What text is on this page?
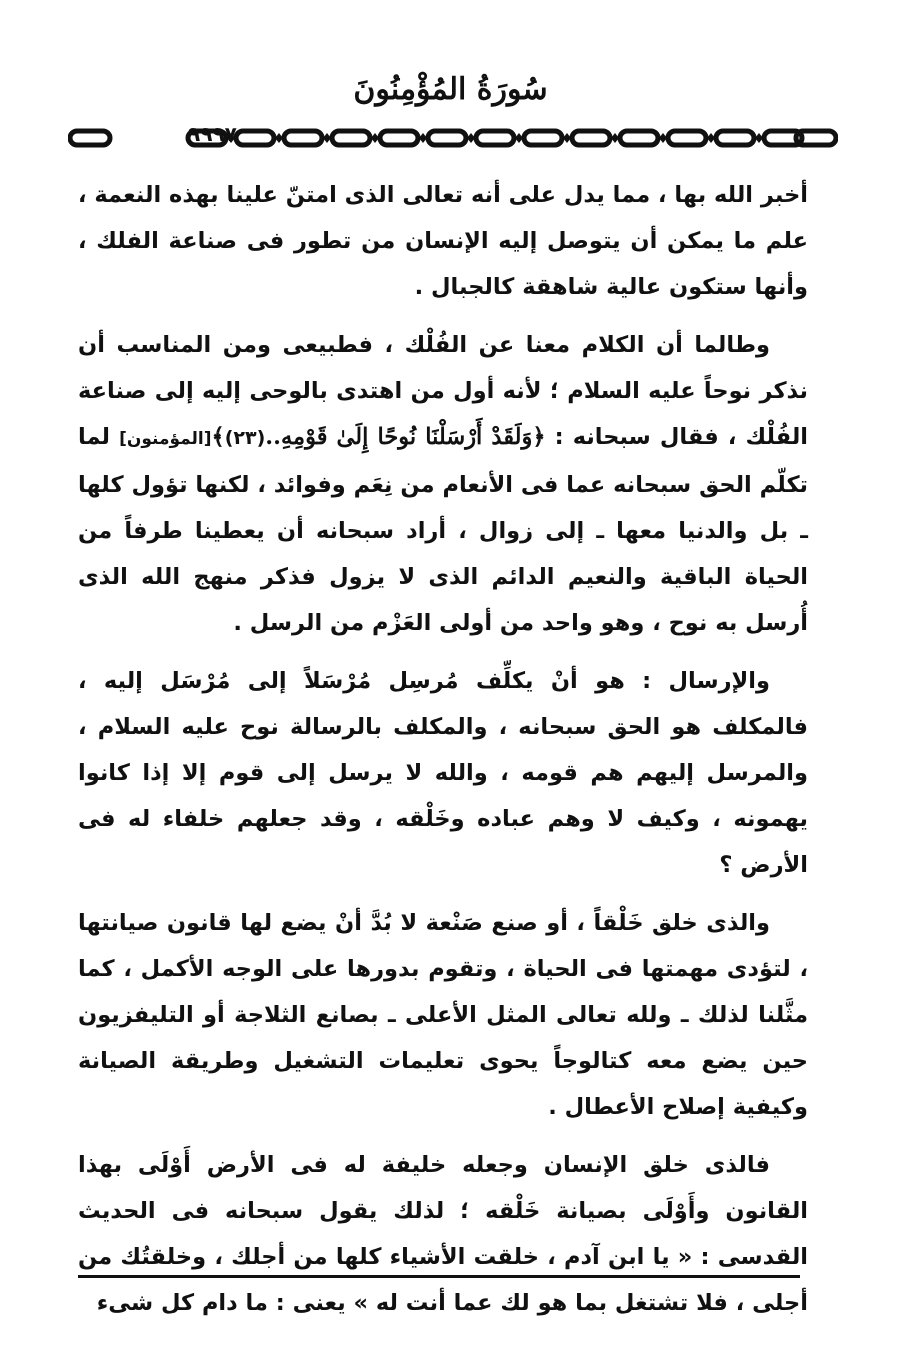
سُورَةُ المُؤْمِنُونَ
٩٩٩٧

أخبر الله بها ، مما يدل على أنه تعالى الذى امتنّ علينا بهذه النعمة ، علم ما يمكن أن يتوصل إليه الإنسان من تطور فى صناعة الفلك ، وأنها ستكون عالية شاهقة كالجبال .

وطالما أن الكلام معنا عن الفُلْك ، فطبيعى ومن المناسب أن نذكر نوحاً عليه السلام ؛ لأنه أول من اهتدى بالوحى إليه إلى صناعة الفُلْك ، فقال سبحانه : ﴿وَلَقَدْ أَرْسَلْنَا نُوحًا إِلَىٰ قَوْمِهِ..(٢٣)﴾[المؤمنون] لما تكلّم الحق سبحانه عما فى الأنعام من نِعَم وفوائد ، لكنها تؤول كلها ـ بل والدنيا معها ـ إلى زوال ، أراد سبحانه أن يعطينا طرفاً من الحياة الباقية والنعيم الدائم الذى لا يزول فذكر منهج الله الذى أُرسل به نوح ، وهو واحد من أولى العَزْم من الرسل .

والإرسال : هو أنْ يكلِّف مُرسِل مُرْسَلاً إلى مُرْسَل إليه ، فالمكلف هو الحق سبحانه ، والمكلف بالرسالة نوح عليه السلام ، والمرسل إليهم هم قومه ، والله لا يرسل إلى قوم إلا إذا كانوا يهمونه ، وكيف لا وهم عباده وخَلْقه ، وقد جعلهم خلفاء له فى الأرض ؟

والذى خلق خَلْقاً ، أو صنع صَنْعة لا بُدَّ أنْ يضع لها قانون صيانتها ، لتؤدى مهمتها فى الحياة ، وتقوم بدورها على الوجه الأكمل ، كما مثَّلنا لذلك ـ ولله تعالى المثل الأعلى ـ بصانع الثلاجة أو التليفزيون حين يضع معه كتالوجاً يحوى تعليمات التشغيل وطريقة الصيانة وكيفية إصلاح الأعطال .

فالذى خلق الإنسان وجعله خليفة له فى الأرض أَوْلَى بهذا القانون وأَوْلَى بصيانة خَلْقه ؛ لذلك يقول سبحانه فى الحديث القدسى : « يا ابن آدم ، خلقت الأشياء كلها من أجلك ، وخلقتُك من أجلى ، فلا تشتغل بما هو لك عما أنت له » يعنى : ما دام كل شىء
